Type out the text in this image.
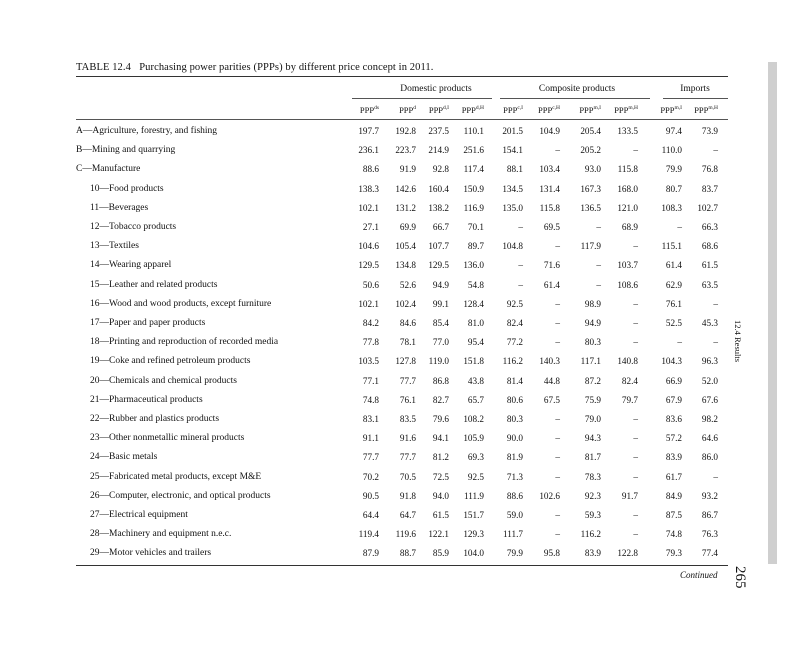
TABLE 12.4 Purchasing power parities (PPPs) by different price concept in 2011.
Domestic products	Composite products	Imports
$PPP^{ds}$	PPP$^d$	$PPP^{d,I}$	$PPP^{d,H}$	$PPP^{c,I}$	$PPP^{c,H}$	$PPP^{m,I}$	$PPP^{m,H}$	$PPP^{m,I}$	$PPP^{m,H}$
A—Agriculture, forestry, and fishing	197.7	192.8	237.5	110.1	201.5	104.9	205.4	133.5	97.4	73.9
B—Mining and quarrying	236.1	223.7	214.9	251.6	154.1	–	205.2	–	110.0	–
C—Manufacture	88.6	91.9	92.8	117.4	88.1	103.4	93.0	115.8	79.9	76.8
10—Food products	138.3	142.6	160.4	150.9	134.5	131.4	167.3	168.0	80.7	83.7
11—Beverages	102.1	131.2	138.2	116.9	135.0	115.8	136.5	121.0	108.3	102.7
12—Tobacco products	27.1	69.9	66.7	70.1	–	69.5	–	68.9	–	66.3
13—Textiles	104.6	105.4	107.7	89.7	104.8	–	117.9	–	115.1	68.6
14—Wearing apparel	129.5	134.8	129.5	136.0	–	71.6	–	103.7	61.4	61.5
15—Leather and related products	50.6	52.6	94.9	54.8	–	61.4	–	108.6	62.9	63.5
16—Wood and wood products, except furniture	102.1	102.4	99.1	128.4	92.5	–	98.9	–	76.1	–
17—Paper and paper products	84.2	84.6	85.4	81.0	82.4	–	94.9	–	52.5	45.3
18—Printing and reproduction of recorded media	77.8	78.1	77.0	95.4	77.2	–	80.3	–	–	–
19—Coke and refined petroleum products	103.5	127.8	119.0	151.8	116.2	140.3	117.1	140.8	104.3	96.3
20—Chemicals and chemical products	77.1	77.7	86.8	43.8	81.4	44.8	87.2	82.4	66.9	52.0
21—Pharmaceutical products	74.8	76.1	82.7	65.7	80.6	67.5	75.9	79.7	67.9	67.6
22—Rubber and plastics products	83.1	83.5	79.6	108.2	80.3	–	79.0	–	83.6	98.2
23—Other nonmetallic mineral products	91.1	91.6	94.1	105.9	90.0	–	94.3	–	57.2	64.6
24—Basic metals	77.7	77.7	81.2	69.3	81.9	–	81.7	–	83.9	86.0
25—Fabricated metal products, except M&E	70.2	70.5	72.5	92.5	71.3	–	78.3	–	61.7	–
26—Computer, electronic, and optical products	90.5	91.8	94.0	111.9	88.6	102.6	92.3	91.7	84.9	93.2
27—Electrical equipment	64.4	64.7	61.5	151.7	59.0	–	59.3	–	87.5	86.7
28—Machinery and equipment n.e.c.	119.4	119.6	122.1	129.3	111.7	–	116.2	–	74.8	76.3
29—Motor vehicles and trailers	87.9	88.7	85.9	104.0	79.9	95.8	83.9	122.8	79.3	77.4
Continued
12.4 Results
265
